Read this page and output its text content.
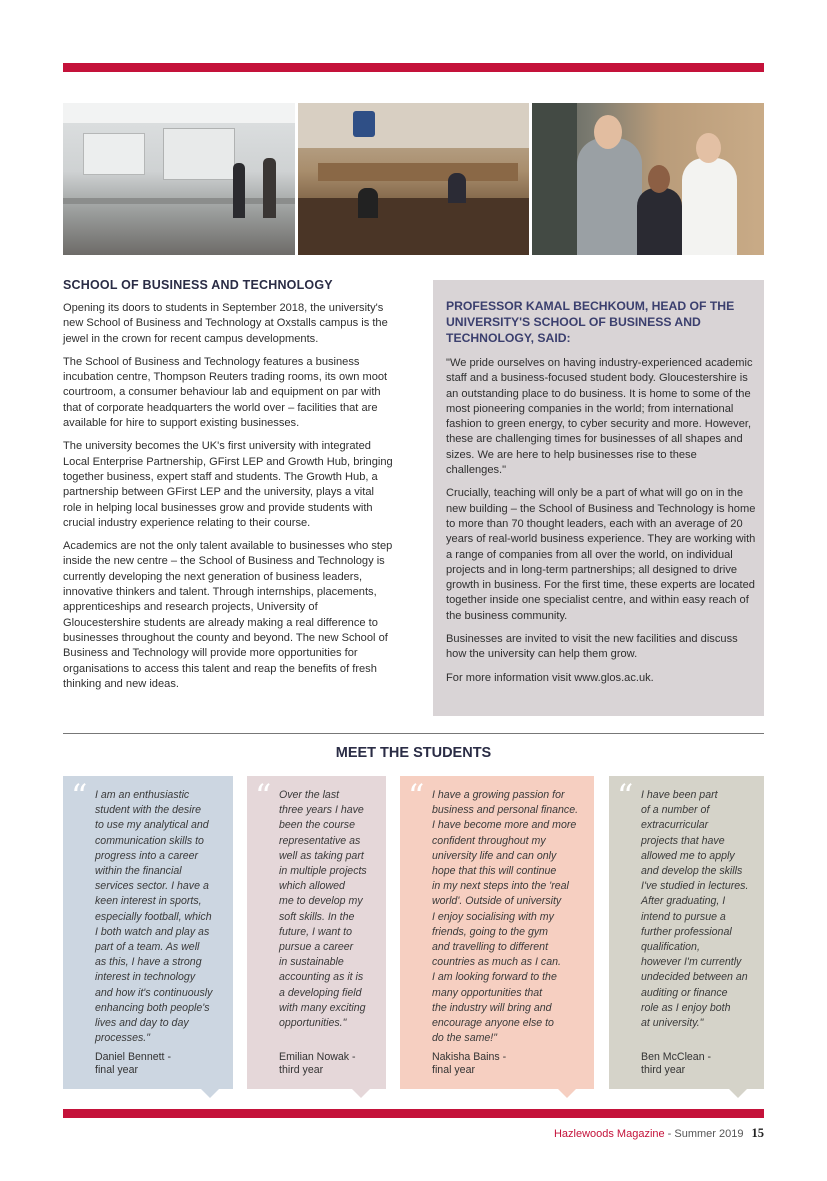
SCHOOL OF BUSINESS AND TECHNOLOGY

Opening its doors to students in September 2018, the university's new School of Business and Technology at Oxstalls campus is the jewel in the crown for recent campus developments.

The School of Business and Technology features a business incubation centre, Thompson Reuters trading rooms, its own moot courtroom, a consumer behaviour lab and equipment on par with that of corporate headquarters the world over – facilities that are available for hire to support existing businesses.

The university becomes the UK's first university with integrated Local Enterprise Partnership, GFirst LEP and Growth Hub, bringing together business, expert staff and students. The Growth Hub, a partnership between GFirst LEP and the university, plays a vital role in helping local businesses grow and provide students with crucial industry experience relating to their course.

Academics are not the only talent available to businesses who step inside the new centre – the School of Business and Technology is currently developing the next generation of business leaders, innovative thinkers and talent. Through internships, placements, apprenticeships and research projects, University of Gloucestershire students are already making a real difference to businesses throughout the county and beyond. The new School of Business and Technology will provide more opportunities for organisations to access this talent and reap the benefits of fresh thinking and new ideas.

PROFESSOR KAMAL BECHKOUM, HEAD OF THE UNIVERSITY'S SCHOOL OF BUSINESS AND TECHNOLOGY, SAID:

"We pride ourselves on having industry-experienced academic staff and a business-focused student body. Gloucestershire is an outstanding place to do business. It is home to some of the most pioneering companies in the world; from international fashion to green energy, to cyber security and more. However, these are challenging times for businesses of all shapes and sizes. We are here to help businesses rise to these challenges."

Crucially, teaching will only be a part of what will go on in the new building – the School of Business and Technology is home to more than 70 thought leaders, each with an average of 20 years of real-world business experience. They are working with a range of companies from all over the world, on individual projects and in long-term partnerships; all designed to drive growth in business. For the first time, these experts are located together inside one specialist centre, and within easy reach of the business community.

Businesses are invited to visit the new facilities and discuss how the university can help them grow.

For more information visit www.glos.ac.uk.

MEET THE STUDENTS
“ I am an enthusiastic
student with the desire
to use my analytical and
communication skills to
progress into a career
within the financial
services sector. I have a
keen interest in sports,
especially football, which
I both watch and play as
part of a team. As well
as this, I have a strong
interest in technology
and how it's continuously
enhancing both people's
lives and day to day
processes."
Daniel Bennett -
final year
“ Over the last
three years I have
been the course
representative as
well as taking part
in multiple projects
which allowed
me to develop my
soft skills. In the
future, I want to
pursue a career
in sustainable
accounting as it is
a developing field
with many exciting
opportunities."
Emilian Nowak -
third year
“ I have a growing passion for
business and personal finance.
I have become more and more
confident throughout my
university life and can only
hope that this will continue
in my next steps into the 'real
world'. Outside of university
I enjoy socialising with my
friends, going to the gym
and travelling to different
countries as much as I can.
I am looking forward to the
many opportunities that
the industry will bring and
encourage anyone else to
do the same!"
Nakisha Bains -
final year
“ I have been part
of a number of
extracurricular
projects that have
allowed me to apply
and develop the skills
I've studied in lectures.
After graduating, I
intend to pursue a
further professional
qualification,
however I'm currently
undecided between an
auditing or finance
role as I enjoy both
at university."
Ben McClean -
third year
Hazlewoods Magazine - Summer 2019 15
